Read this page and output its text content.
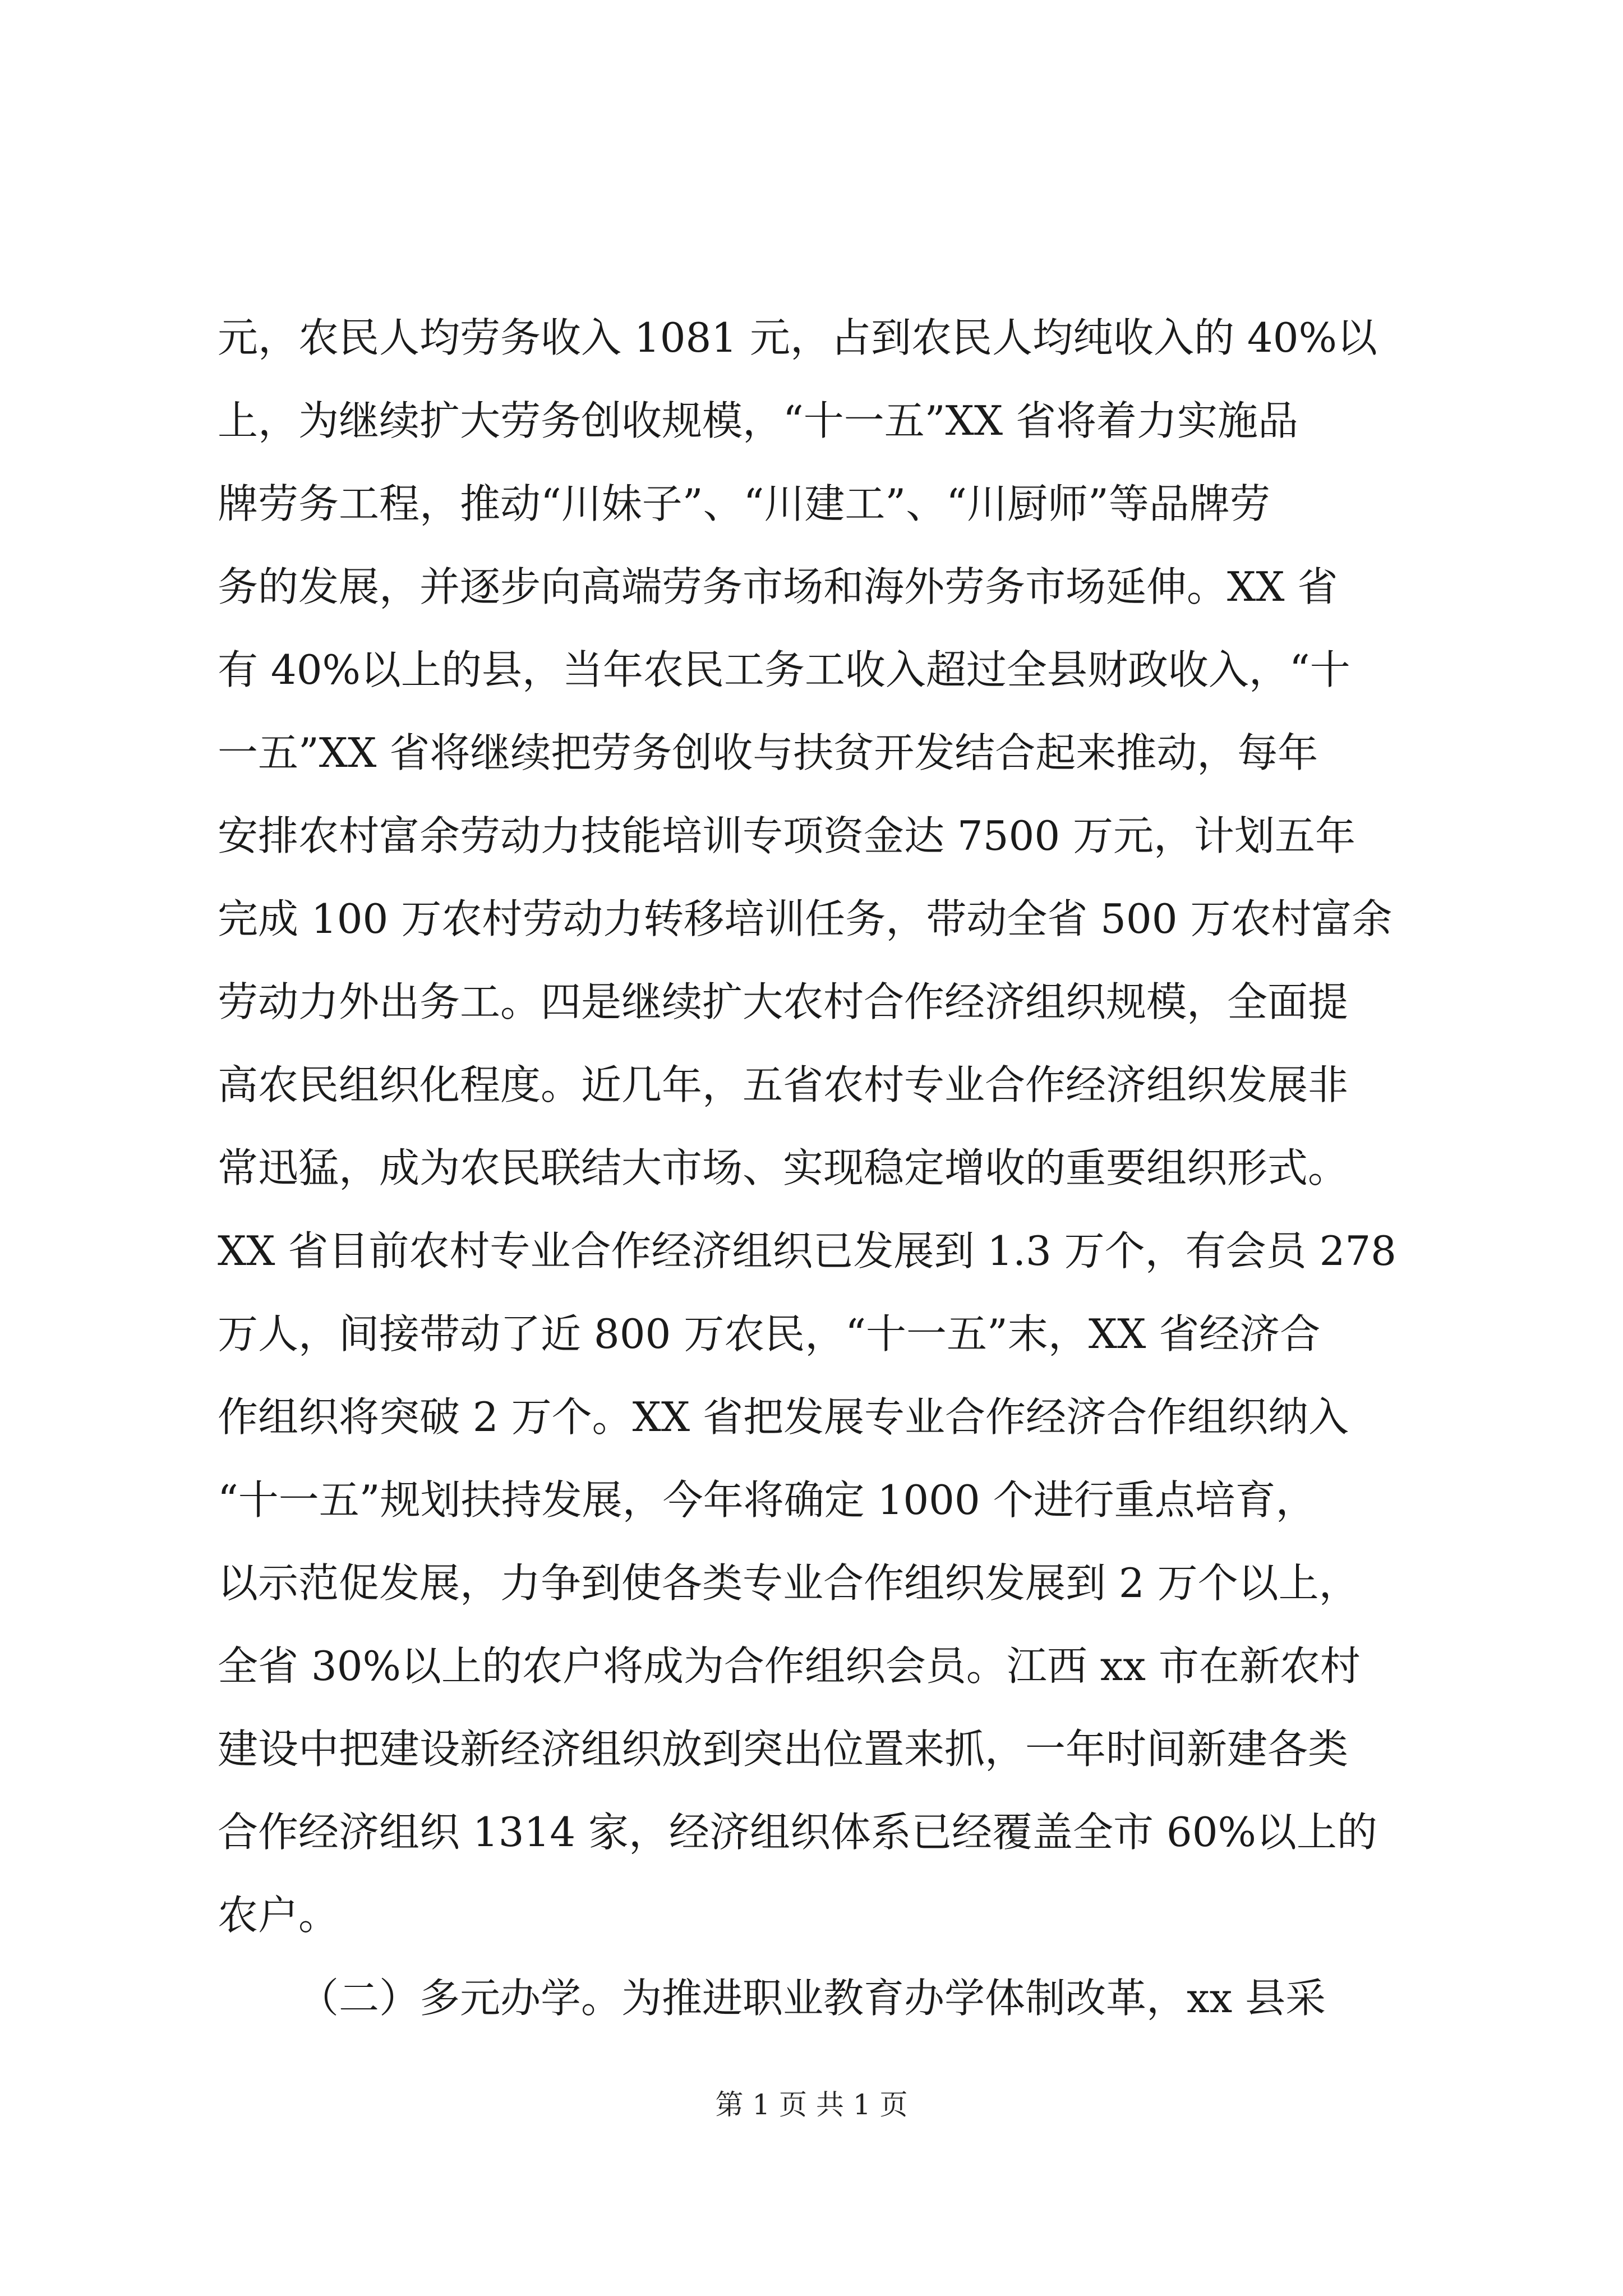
元，农民人均劳务收入 1081 元，占到农民人均纯收入的 40%以
上，为继续扩大劳务创收规模，“十一五”XX 省将着力实施品
牌劳务工程，推动“川妹子”、“川建工”、“川厨师”等品牌劳
务的发展，并逐步向高端劳务市场和海外劳务市场延伸。XX 省
有 40%以上的县，当年农民工务工收入超过全县财政收入，“十
一五”XX 省将继续把劳务创收与扶贫开发结合起来推动，每年
安排农村富余劳动力技能培训专项资金达 7500 万元，计划五年
完成 100 万农村劳动力转移培训任务，带动全省 500 万农村富余
劳动力外出务工。四是继续扩大农村合作经济组织规模，全面提
高农民组织化程度。近几年，五省农村专业合作经济组织发展非
常迅猛，成为农民联结大市场、实现稳定增收的重要组织形式。
XX 省目前农村专业合作经济组织已发展到 1.3 万个，有会员 278
万人，间接带动了近 800 万农民，“十一五”末，XX 省经济合
作组织将突破 2 万个。XX 省把发展专业合作经济合作组织纳入
“十一五”规划扶持发展，今年将确定 1000 个进行重点培育，
以示范促发展，力争到使各类专业合作组织发展到 2 万个以上，
全省 30%以上的农户将成为合作组织会员。江西 xx 市在新农村
建设中把建设新经济组织放到突出位置来抓，一年时间新建各类
合作经济组织 1314 家，经济组织体系已经覆盖全市 60%以上的
农户。
（二）多元办学。为推进职业教育办学体制改革，xx 县采
第 1 页 共 1 页
